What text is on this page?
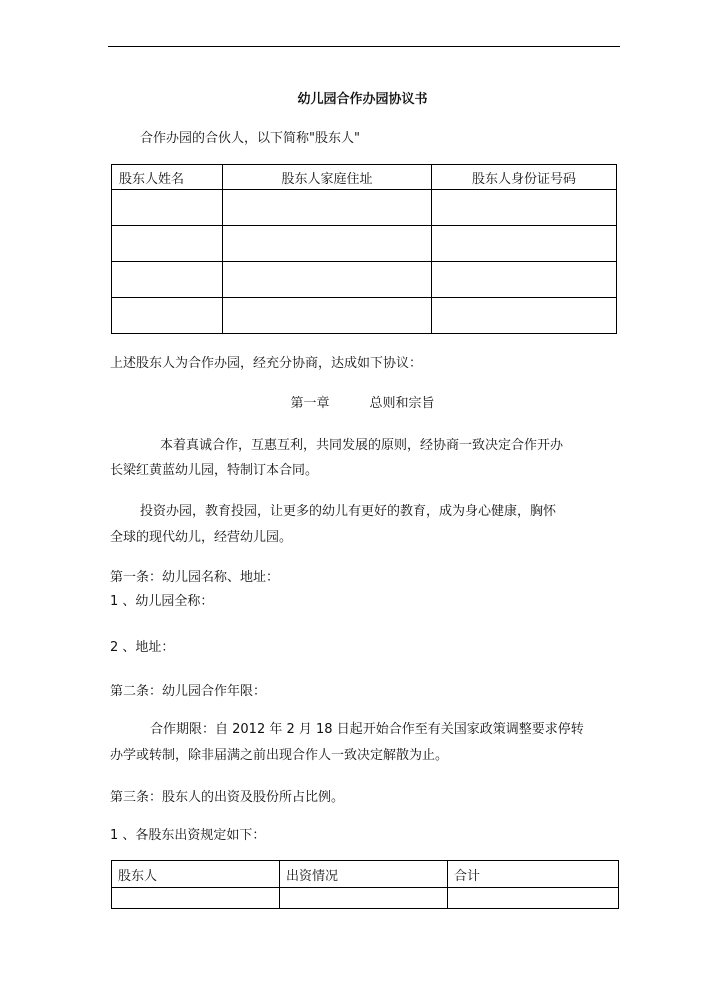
幼儿园合作办园协议书
合作办园的合伙人，以下简称"股东人"
股东人姓名	股东人家庭住址	股东人身份证号码

上述股东人为合作办园，经充分协商，达成如下协议：
第一章	总则和宗旨
本着真诚合作，互惠互利，共同发展的原则，经协商一致决定合作开办
长梁红黄蓝幼儿园，特制订本合同。
投资办园，教育投园，让更多的幼儿有更好的教育，成为身心健康，胸怀
全球的现代幼儿，经营幼儿园。
第一条：幼儿园名称、地址：
1 、幼儿园全称：
2 、地址：
第二条：幼儿园合作年限：
合作期限：自 2012 年 2 月 18 日起开始合作至有关国家政策调整要求停转
办学或转制，除非届满之前出现合作人一致决定解散为止。
第三条：股东人的出资及股份所占比例。
1 、各股东出资规定如下：
股东人	出资情况	合计
